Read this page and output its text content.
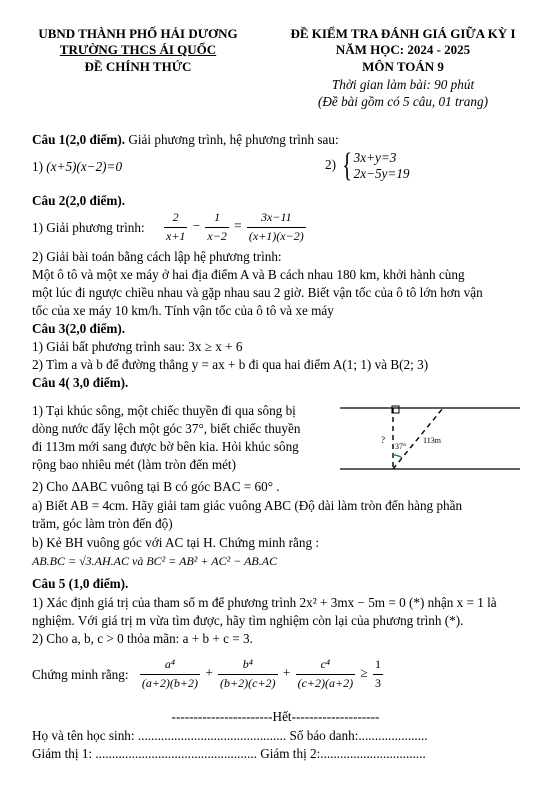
UBND THÀNH PHỐ HẢI DƯƠNG
TRƯỜNG THCS ÁI QUỐC
ĐỀ CHÍNH THỨC
ĐỀ KIỂM TRA ĐÁNH GIÁ GIỮA KỲ I
NĂM HỌC: 2024 - 2025
MÔN TOÁN 9
Thời gian làm bài: 90 phút
(Đề bài gồm có 5 câu, 01 trang)
Câu 1(2,0 điểm). Giải phương trình, hệ phương trình sau:
1) (x+5)(x−2)=0	2) { 3x+y=3
2x−5y=19
Câu 2(2,0 điểm).
1) Giải phương trình: $\frac{2}{x+1} - \frac{1}{x-2} = \frac{3x-11}{(x+1)(x-2)}$
2) Giải bài toán bằng cách lập hệ phương trình:
Một ô tô và một xe máy ở hai địa điểm A và B cách nhau 180 km, khởi hành cùng
một lúc đi ngược chiều nhau và gặp nhau sau 2 giờ. Biết vận tốc của ô tô lớn hơn vận
tốc của xe máy 10 km/h. Tính vận tốc của ô tô và xe máy
Câu 3(2,0 điểm).
1) Giải bất phương trình sau: 3x ≥ x + 6
2) Tìm a và b để đường thẳng y = ax + b đi qua hai điểm A(1; 1) và B(2; 3)
Câu 4( 3,0 điểm).
1) Tại khúc sông, một chiếc thuyền đi qua sông bị
dòng nước đẩy lệch một góc 37°, biết chiếc thuyền
đi 113m mới sang được bờ bên kia. Hỏi khúc sông
rộng bao nhiêu mét (làm tròn đến mét)
?
37°
113m
2) Cho ΔABC vuông tại B có góc BAC = 60° .
a) Biết AB = 4cm. Hãy giải tam giác vuông ABC (Độ dài làm tròn đến hàng phần
trăm, góc làm tròn đến độ)
b) Kẻ BH vuông góc với AC tại H. Chứng minh rằng :
AB.BC = √3.AH.AC và BC² = AB² + AC² − AB.AC
Câu 5 (1,0 điểm).
1) Xác định giá trị của tham số m để phương trình 2x² + 3mx − 5m = 0 (*) nhận x = 1 là
nghiệm. Với giá trị m vừa tìm được, hãy tìm nghiệm còn lại của phương trình (*).
2) Cho a, b, c > 0 thỏa mãn: a + b + c = 3.
Chứng minh rằng: $\frac{\text{a⁴}}{(a+2)(b+2)} + \frac{\text{b⁴}}{(b+2)(c+2)} + \frac{\text{c⁴}}{(c+2)(a+2)} \ge \frac{1}{3}$
-----------------------Hết--------------------
Họ và tên học sinh: ............................................. Số báo danh:.....................
Giám thị 1: ................................................. Giám thị 2:................................
